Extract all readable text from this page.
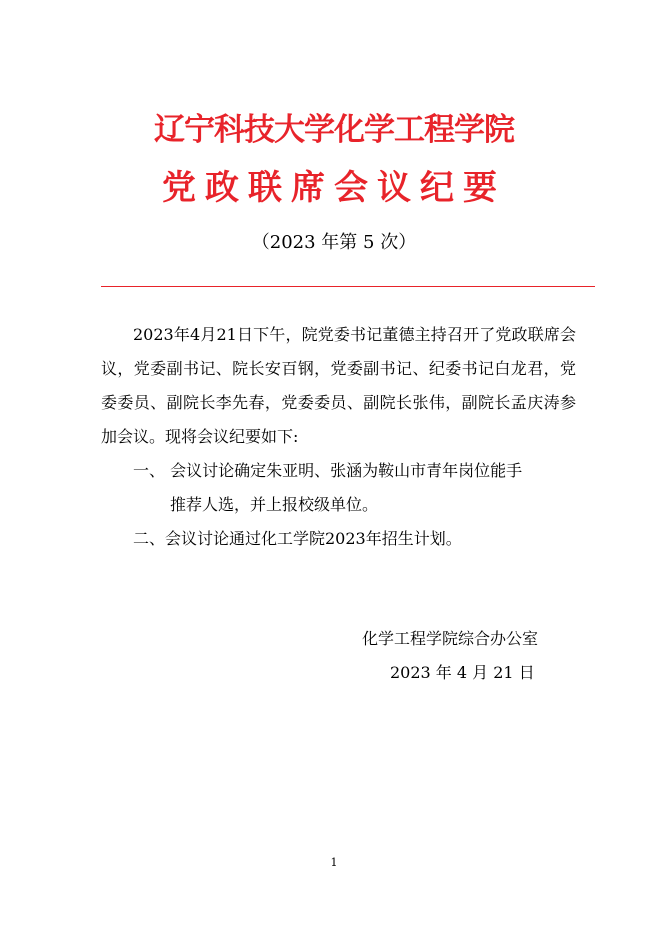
辽宁科技大学化学工程学院
党政联席会议纪要
（2023 年第 5 次）

2023年4月21日下午，院党委书记董德主持召开了党政联席会议，党委副书记、院长安百钢，党委副书记、纪委书记白龙君，党委委员、副院长李先春，党委委员、副院长张伟，副院长孟庆涛参加会议。现将会议纪要如下:

一、 会议讨论确定朱亚明、张涵为鞍山市青年岗位能手

推荐人选，并上报校级单位。

二、会议讨论通过化工学院2023年招生计划。

化学工程学院综合办公室
2023 年 4 月 21 日
1
